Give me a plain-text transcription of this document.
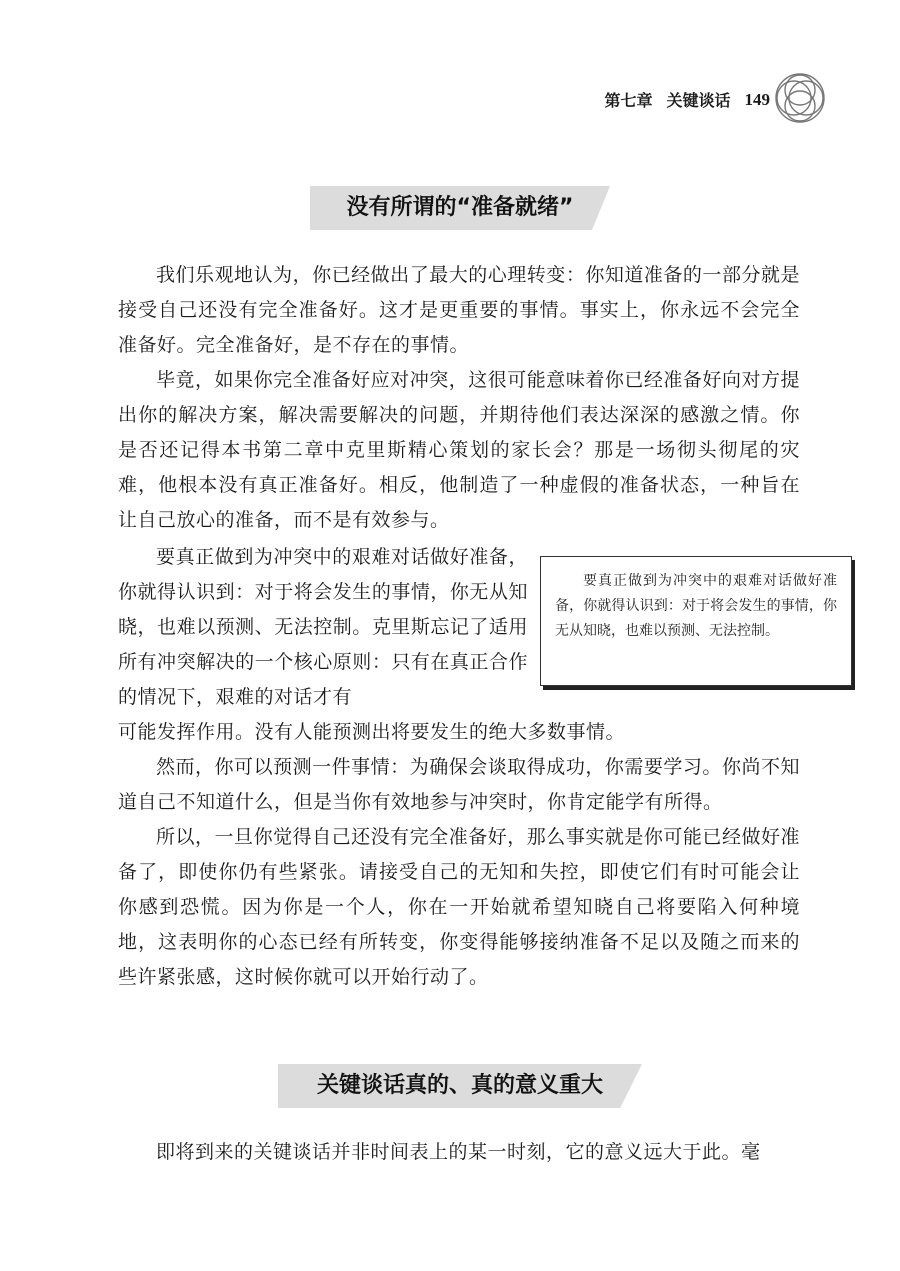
第七章 关键谈话 149
没有所谓的“准备就绪”

我们乐观地认为，你已经做出了最大的心理转变：你知道准备的一部分就是接受自己还没有完全准备好。这才是更重要的事情。事实上，你永远不会完全准备好。完全准备好，是不存在的事情。

毕竟，如果你完全准备好应对冲突，这很可能意味着你已经准备好向对方提出你的解决方案，解决需要解决的问题，并期待他们表达深深的感激之情。你是否还记得本书第二章中克里斯精心策划的家长会？那是一场彻头彻尾的灾难，他根本没有真正准备好。相反，他制造了一种虚假的准备状态，一种旨在让自己放心的准备，而不是有效参与。

要真正做到为冲突中的艰难对话做好准备，你就得认识到：对于将会发生的事情，你无从知晓，也难以预测、无法控制。克里斯忘记了适用所有冲突解决的一个核心原则：只有在真正合作的情况下，艰难的对话才有

要真正做到为冲突中的艰难对话做好准备，你就得认识到：对于将会发生的事情，你无从知晓，也难以预测、无法控制。

可能发挥作用。没有人能预测出将要发生的绝大多数事情。

然而，你可以预测一件事情：为确保会谈取得成功，你需要学习。你尚不知道自己不知道什么，但是当你有效地参与冲突时，你肯定能学有所得。

所以，一旦你觉得自己还没有完全准备好，那么事实就是你可能已经做好准备了，即使你仍有些紧张。请接受自己的无知和失控，即使它们有时可能会让你感到恐慌。因为你是一个人，你在一开始就希望知晓自己将要陷入何种境地，这表明你的心态已经有所转变，你变得能够接纳准备不足以及随之而来的些许紧张感，这时候你就可以开始行动了。

关键谈话真的、真的意义重大

即将到来的关键谈话并非时间表上的某一时刻，它的意义远大于此。毫
